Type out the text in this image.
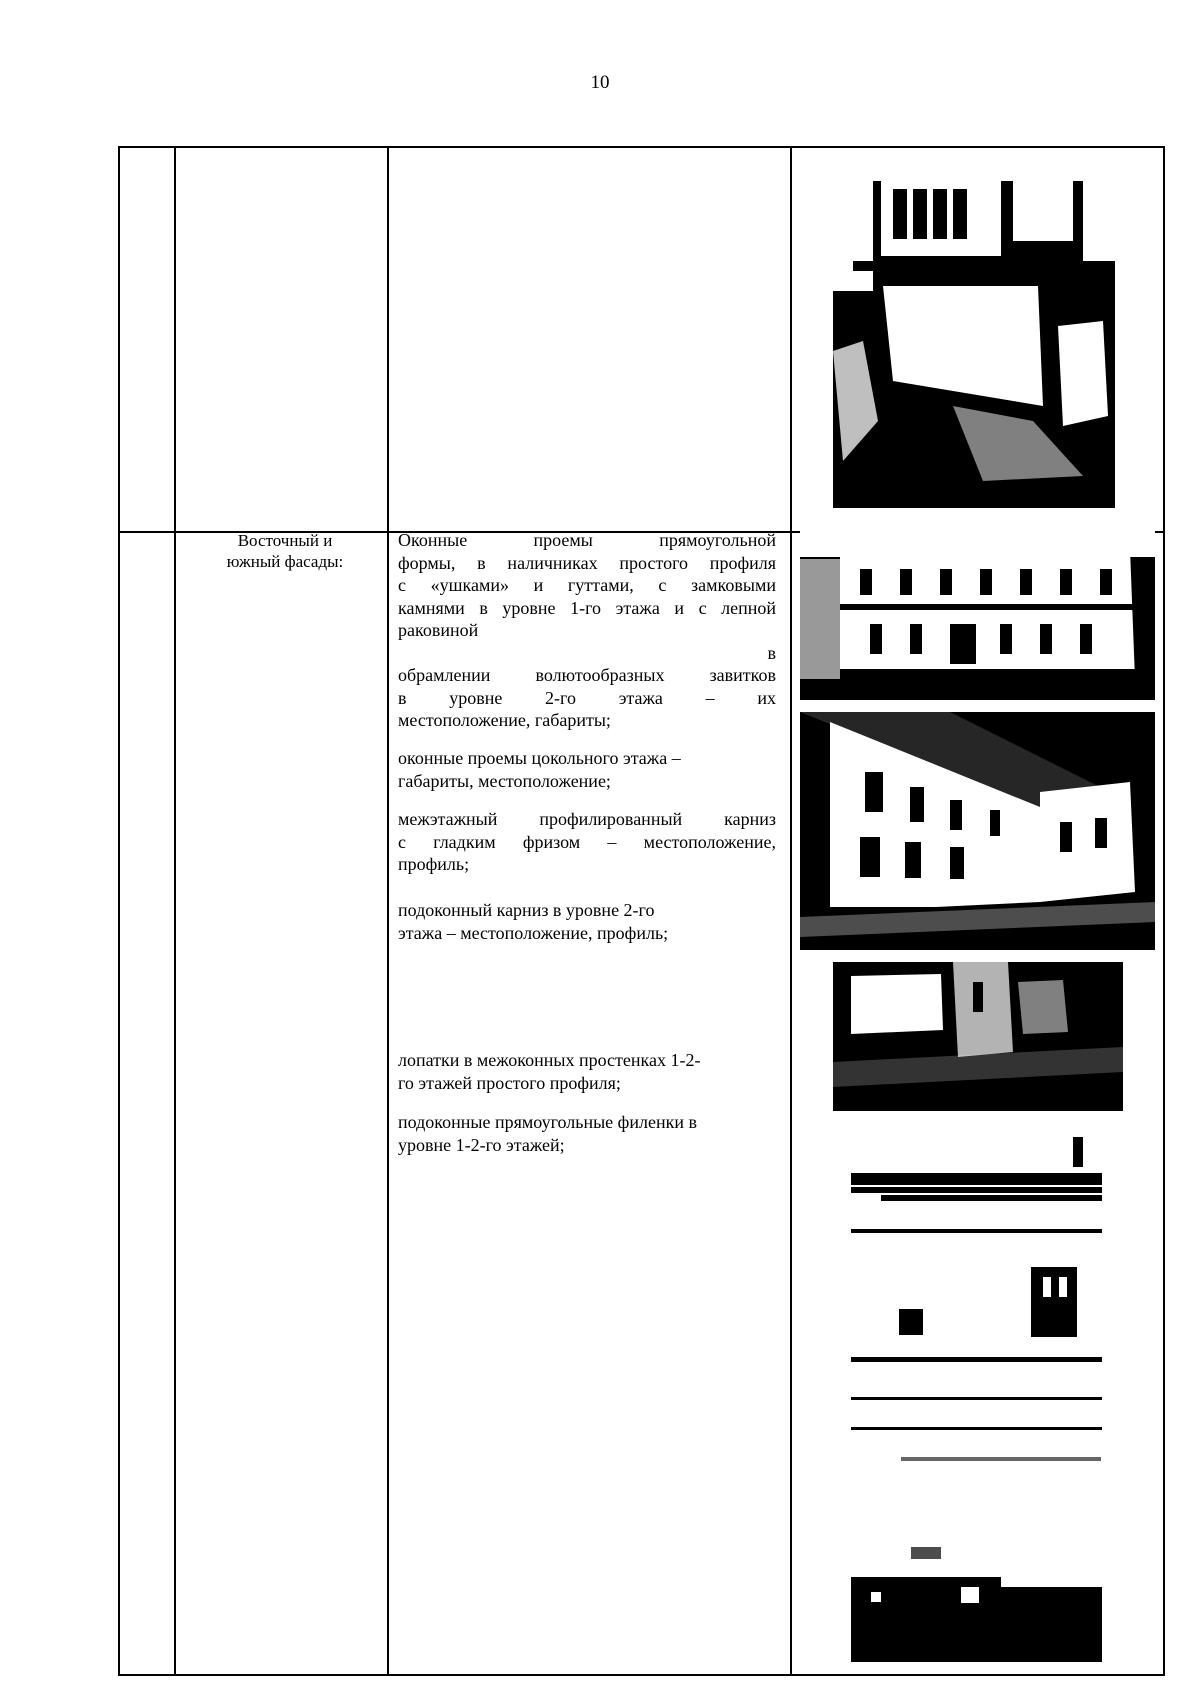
10
Восточный и
южный фасады:
Оконные проемы прямоугольной
формы, в наличниках простого профиля
с «ушками» и гуттами, с замковыми
камнями в уровне 1-го этажа и с лепной
раковиной
в
обрамлении волютообразных завитков
в уровне 2-го этажа – их
местоположение, габариты;
оконные проемы цокольного этажа –
габариты, местоположение;
межэтажный профилированный карниз
с гладким фризом – местоположение,
профиль;
подоконный карниз в уровне 2-го
этажа – местоположение, профиль;
лопатки в межоконных простенках 1-2-
го этажей простого профиля;
подоконные прямоугольные филенки в
уровне 1-2-го этажей;
